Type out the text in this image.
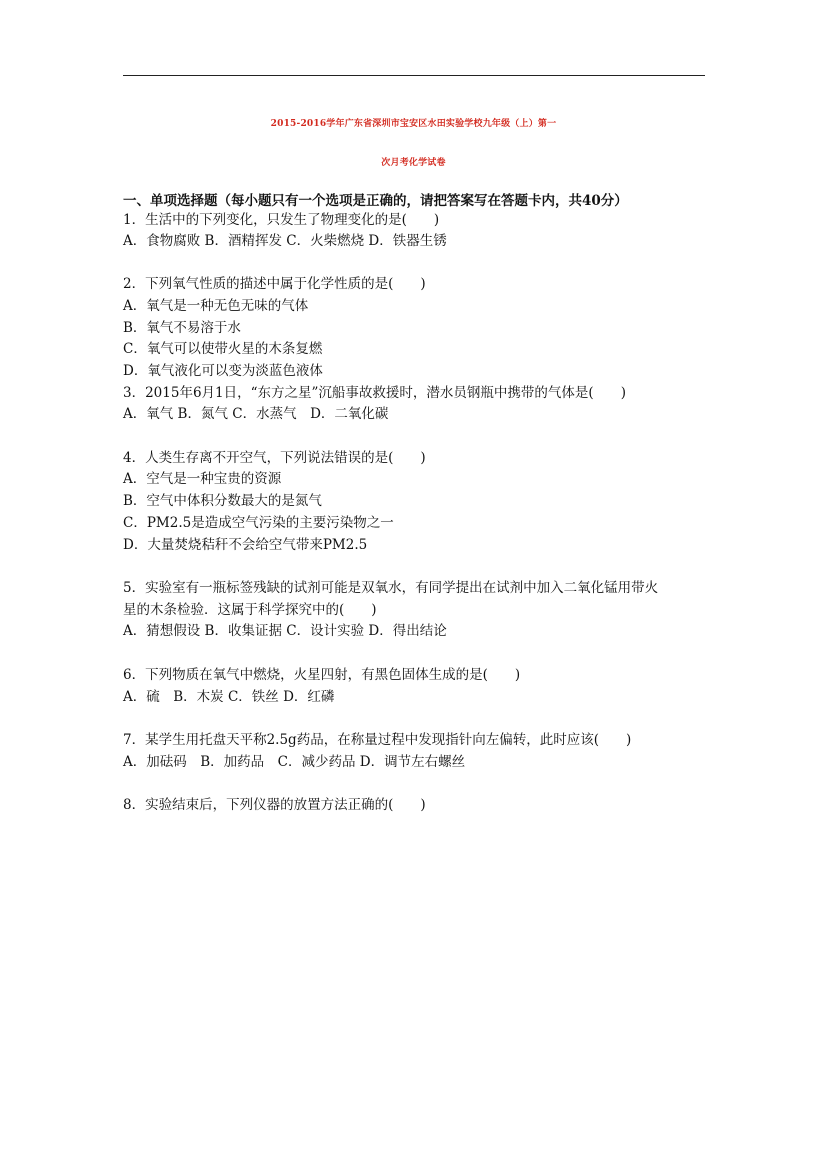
2015-2016学年广东省深圳市宝安区水田实验学校九年级（上）第一
次月考化学试卷
一、单项选择题（每小题只有一个选项是正确的，请把答案写在答题卡内，共40分）
1．生活中的下列变化，只发生了物理变化的是(　　)
A．食物腐败 B．酒精挥发 C．火柴燃烧 D．铁器生锈
2．下列氧气性质的描述中属于化学性质的是(　　)
A．氧气是一种无色无味的气体
B．氧气不易溶于水
C．氧气可以使带火星的木条复燃
D．氧气液化可以变为淡蓝色液体
3．2015年6月1日，“东方之星”沉船事故救援时，潜水员钢瓶中携带的气体是(　　)
A．氧气 B．氮气 C．水蒸气　D．二氧化碳
4．人类生存离不开空气，下列说法错误的是(　　)
A．空气是一种宝贵的资源
B．空气中体积分数最大的是氮气
C．PM2.5是造成空气污染的主要污染物之一
D．大量焚烧秸秆不会给空气带来PM2.5
5．实验室有一瓶标签残缺的试剂可能是双氧水，有同学提出在试剂中加入二氧化锰用带火
星的木条检验．这属于科学探究中的(　　)
A．猜想假设 B．收集证据 C．设计实验 D．得出结论
6．下列物质在氧气中燃烧，火星四射，有黑色固体生成的是(　　)
A．硫　B．木炭 C．铁丝 D．红磷
7．某学生用托盘天平称2.5g药品，在称量过程中发现指针向左偏转，此时应该(　　)
A．加砝码　B．加药品　C．减少药品 D．调节左右螺丝
8．实验结束后，下列仪器的放置方法正确的(　　)
